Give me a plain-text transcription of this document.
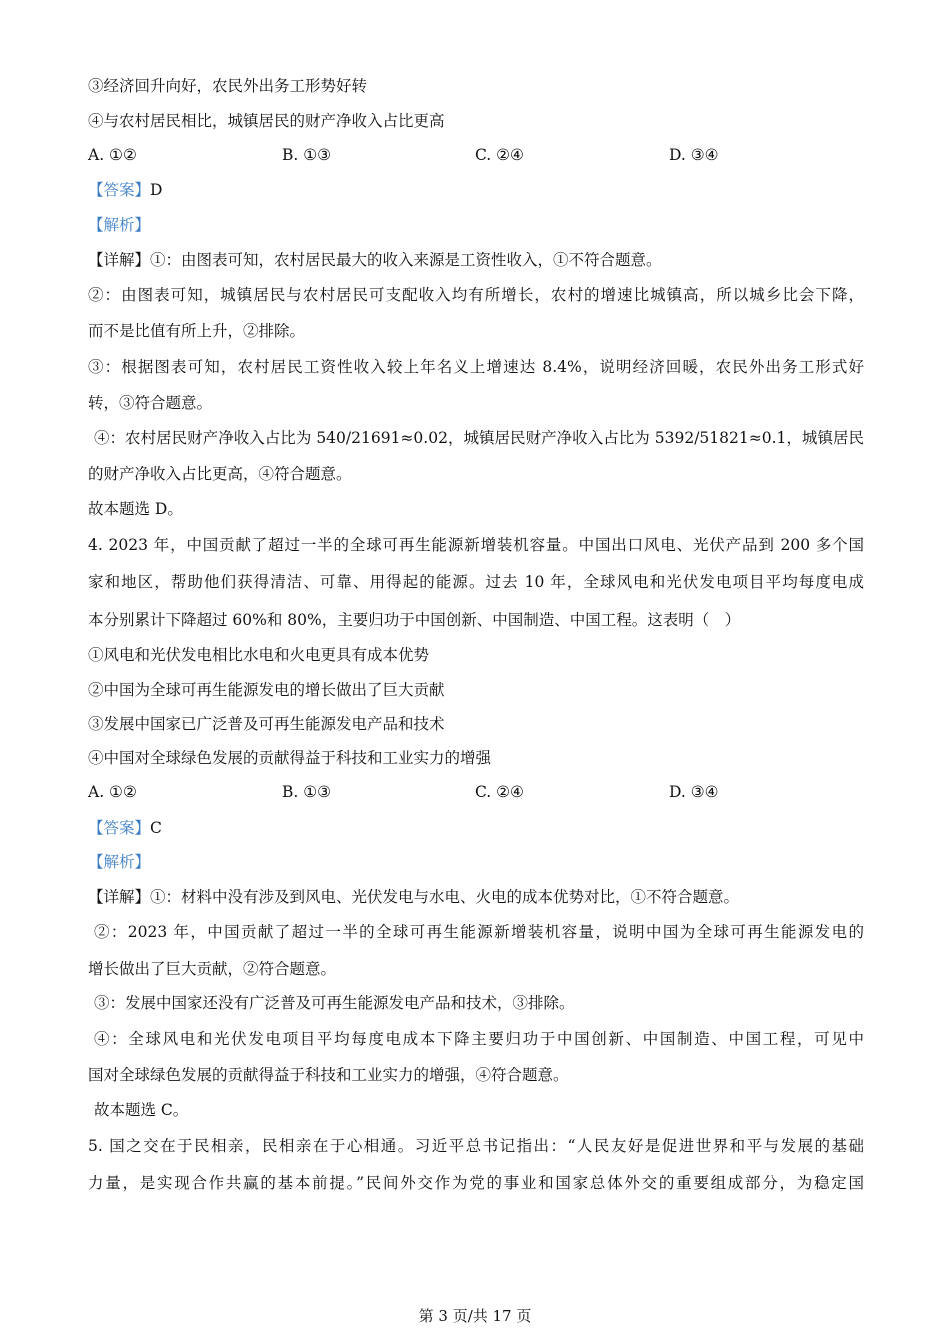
③经济回升向好，农民外出务工形势好转
④与农村居民相比，城镇居民的财产净收入占比更高
A. ①②	B. ①③	C. ②④	D. ③④
【答案】D
【解析】
【详解】①：由图表可知，农村居民最大的收入来源是工资性收入，①不符合题意。
②：由图表可知，城镇居民与农村居民可支配收入均有所增长，农村的增速比城镇高，所以城乡比会下降，
而不是比值有所上升，②排除。
③：根据图表可知，农村居民工资性收入较上年名义上增速达 8.4%，说明经济回暖，农民外出务工形式好
转，③符合题意。
④：农村居民财产净收入占比为 540/21691≈0.02，城镇居民财产净收入占比为 5392/51821≈0.1，城镇居民
的财产净收入占比更高，④符合题意。
故本题选 D。
4. 2023 年，中国贡献了超过一半的全球可再生能源新增装机容量。中国出口风电、光伏产品到 200 多个国
家和地区，帮助他们获得清洁、可靠、用得起的能源。过去 10 年，全球风电和光伏发电项目平均每度电成
本分别累计下降超过 60%和 80%，主要归功于中国创新、中国制造、中国工程。这表明（　）
①风电和光伏发电相比水电和火电更具有成本优势
②中国为全球可再生能源发电的增长做出了巨大贡献
③发展中国家已广泛普及可再生能源发电产品和技术
④中国对全球绿色发展的贡献得益于科技和工业实力的增强
A. ①②	B. ①③	C. ②④	D. ③④
【答案】C
【解析】
【详解】①：材料中没有涉及到风电、光伏发电与水电、火电的成本优势对比，①不符合题意。
②：2023 年，中国贡献了超过一半的全球可再生能源新增装机容量，说明中国为全球可再生能源发电的
增长做出了巨大贡献，②符合题意。
③：发展中国家还没有广泛普及可再生能源发电产品和技术，③排除。
④：全球风电和光伏发电项目平均每度电成本下降主要归功于中国创新、中国制造、中国工程，可见中
国对全球绿色发展的贡献得益于科技和工业实力的增强，④符合题意。
故本题选 C。
5. 国之交在于民相亲，民相亲在于心相通。习近平总书记指出：“人民友好是促进世界和平与发展的基础
力量，是实现合作共赢的基本前提。”民间外交作为党的事业和国家总体外交的重要组成部分，为稳定国
第 3 页/共 17 页
